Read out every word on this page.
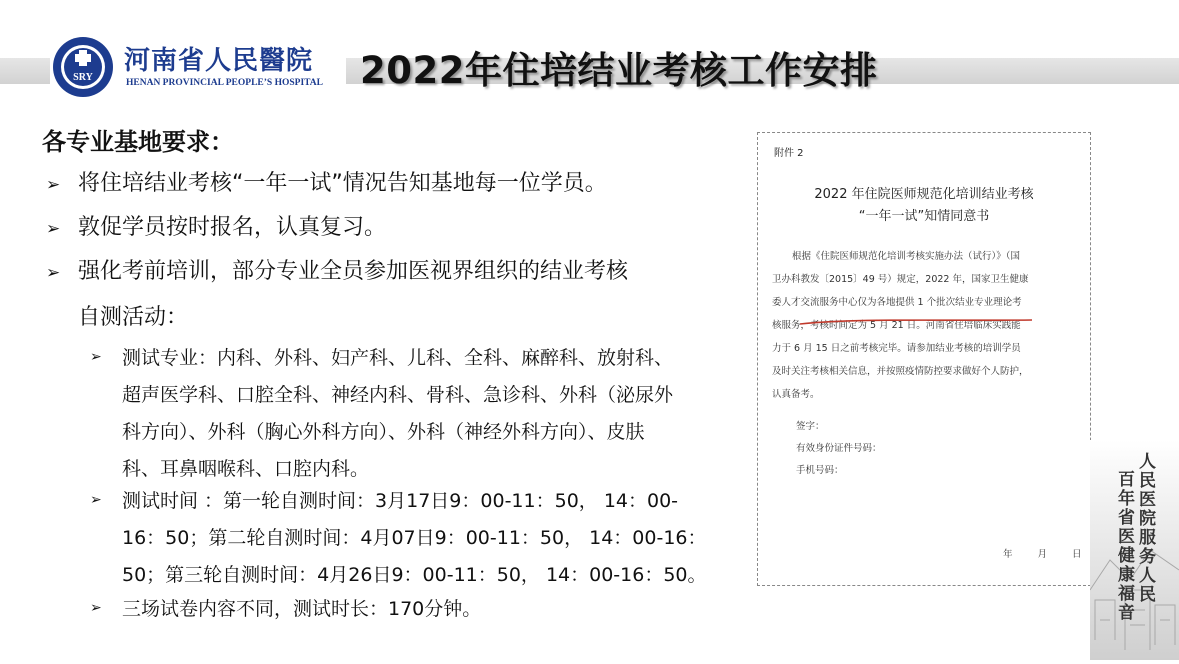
SRY
河南省人民醫院
HENAN PROVINCIAL PEOPLE’S HOSPITAL 2022年住培结业考核工作安排
各专业基地要求：
➢ 将住培结业考核“一年一试”情况告知基地每一位学员。
➢ 敦促学员按时报名，认真复习。
➢ 强化考前培训，部分专业全员参加医视界组织的结业考核
自测活动：
➢ 测试专业：内科、外科、妇产科、儿科、全科、麻醉科、放射科、
超声医学科、口腔全科、神经内科、骨科、急诊科、外科（泌尿外
科方向）、外科（胸心外科方向）、外科（神经外科方向）、皮肤
科、耳鼻咽喉科、口腔内科。
➢ 测试时间 ：第一轮自测时间：3月17日9：00-11：50， 14：00-
16：50；第二轮自测时间：4月07日9：00-11：50， 14：00-16：
50；第三轮自测时间：4月26日9：00-11：50， 14：00-16：50。
➢ 三场试卷内容不同，测试时长：170分钟。
附件 2
2022 年住院医师规范化培训结业考核
“一年一试”知情同意书
根据《住院医师规范化培训考核实施办法（试行）》（国
卫办科教发〔2015〕49 号）规定，2022 年，国家卫生健康
委人才交流服务中心仅为各地提供 1 个批次结业专业理论考
核服务，考核时间定为 5 月 21 日。河南省住培临床实践能
力于 6 月 15 日之前考核完毕。请参加结业考核的培训学员
及时关注考核相关信息，并按照疫情防控要求做好个人防护，
认真备考。
签字：
有效身份证件号码：
手机号码：
年 月 日	人民医院服务人民
百年省医健康福音
